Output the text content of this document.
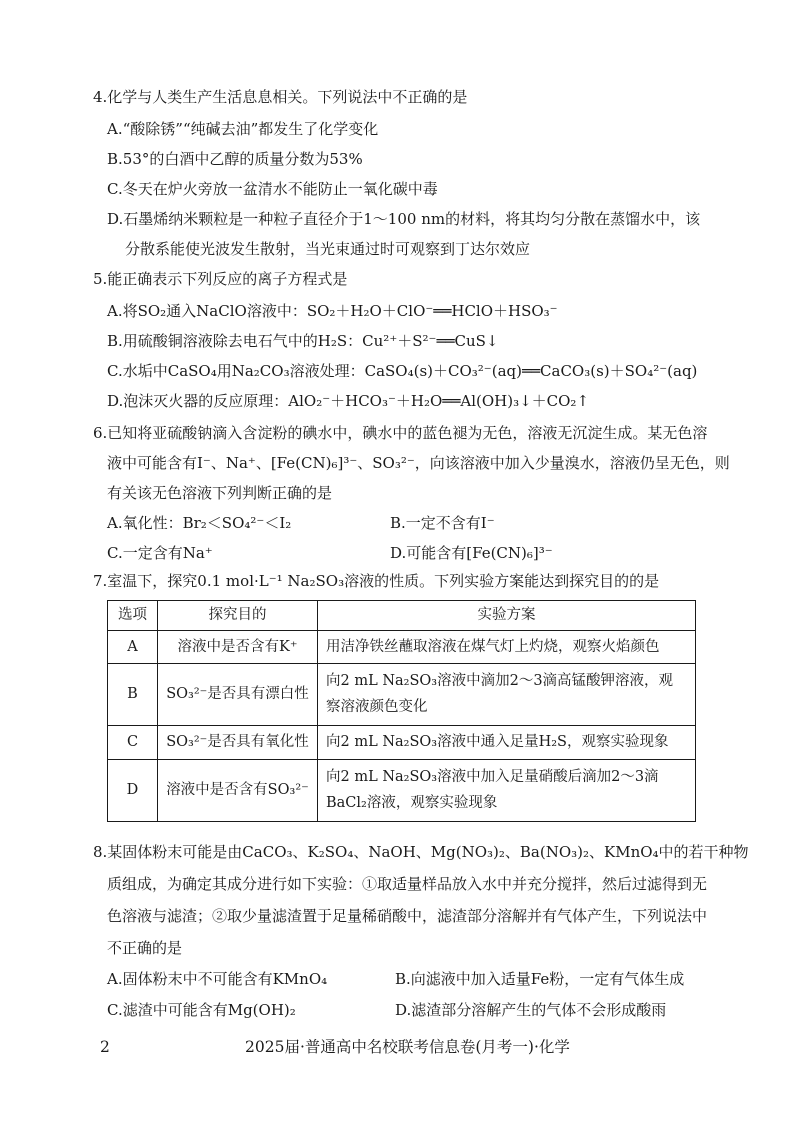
4.化学与人类生产生活息息相关。下列说法中不正确的是
A.“酸除锈”“纯碱去油”都发生了化学变化
B.53°的白酒中乙醇的质量分数为53%
C.冬天在炉火旁放一盆清水不能防止一氧化碳中毒
D.石墨烯纳米颗粒是一种粒子直径介于1～100 nm的材料，将其均匀分散在蒸馏水中，该
分散系能使光波发生散射，当光束通过时可观察到丁达尔效应
5.能正确表示下列反应的离子方程式是
A.将SO₂通入NaClO溶液中：SO₂＋H₂O＋ClO⁻══HClO＋HSO₃⁻
B.用硫酸铜溶液除去电石气中的H₂S：Cu²⁺＋S²⁻══CuS↓
C.水垢中CaSO₄用Na₂CO₃溶液处理：CaSO₄(s)＋CO₃²⁻(aq)══CaCO₃(s)＋SO₄²⁻(aq)
D.泡沫灭火器的反应原理：AlO₂⁻＋HCO₃⁻＋H₂O══Al(OH)₃↓＋CO₂↑
6.已知将亚硫酸钠滴入含淀粉的碘水中，碘水中的蓝色褪为无色，溶液无沉淀生成。某无色溶
液中可能含有I⁻、Na⁺、[Fe(CN)₆]³⁻、SO₃²⁻，向该溶液中加入少量溴水，溶液仍呈无色，则
有关该无色溶液下列判断正确的是
A.氧化性：Br₂＜SO₄²⁻＜I₂	B.一定不含有I⁻
C.一定含有Na⁺	D.可能含有[Fe(CN)₆]³⁻
7.室温下，探究0.1 mol·L⁻¹ Na₂SO₃溶液的性质。下列实验方案能达到探究目的的是
选项	探究目的	实验方案
A	溶液中是否含有K⁺	用洁净铁丝蘸取溶液在煤气灯上灼烧，观察火焰颜色
B	SO₃²⁻是否具有漂白性	向2 mL Na₂SO₃溶液中滴加2～3滴高锰酸钾溶液，观察溶液颜色变化

C	SO₃²⁻是否具有氧化性	向2 mL Na₂SO₃溶液中通入足量H₂S，观察实验现象
D	溶液中是否含有SO₃²⁻	向2 mL Na₂SO₃溶液中加入足量硝酸后滴加2～3滴BaCl₂溶液，观察实验现象
8.某固体粉末可能是由CaCO₃、K₂SO₄、NaOH、Mg(NO₃)₂、Ba(NO₃)₂、KMnO₄中的若干种物
质组成，为确定其成分进行如下实验：①取适量样品放入水中并充分搅拌，然后过滤得到无
色溶液与滤渣；②取少量滤渣置于足量稀硝酸中，滤渣部分溶解并有气体产生，下列说法中
不正确的是
A.固体粉末中不可能含有KMnO₄	B.向滤液中加入适量Fe粉，一定有气体生成
C.滤渣中可能含有Mg(OH)₂	D.滤渣部分溶解产生的气体不会形成酸雨
2	2025届·普通高中名校联考信息卷(月考一)·化学
